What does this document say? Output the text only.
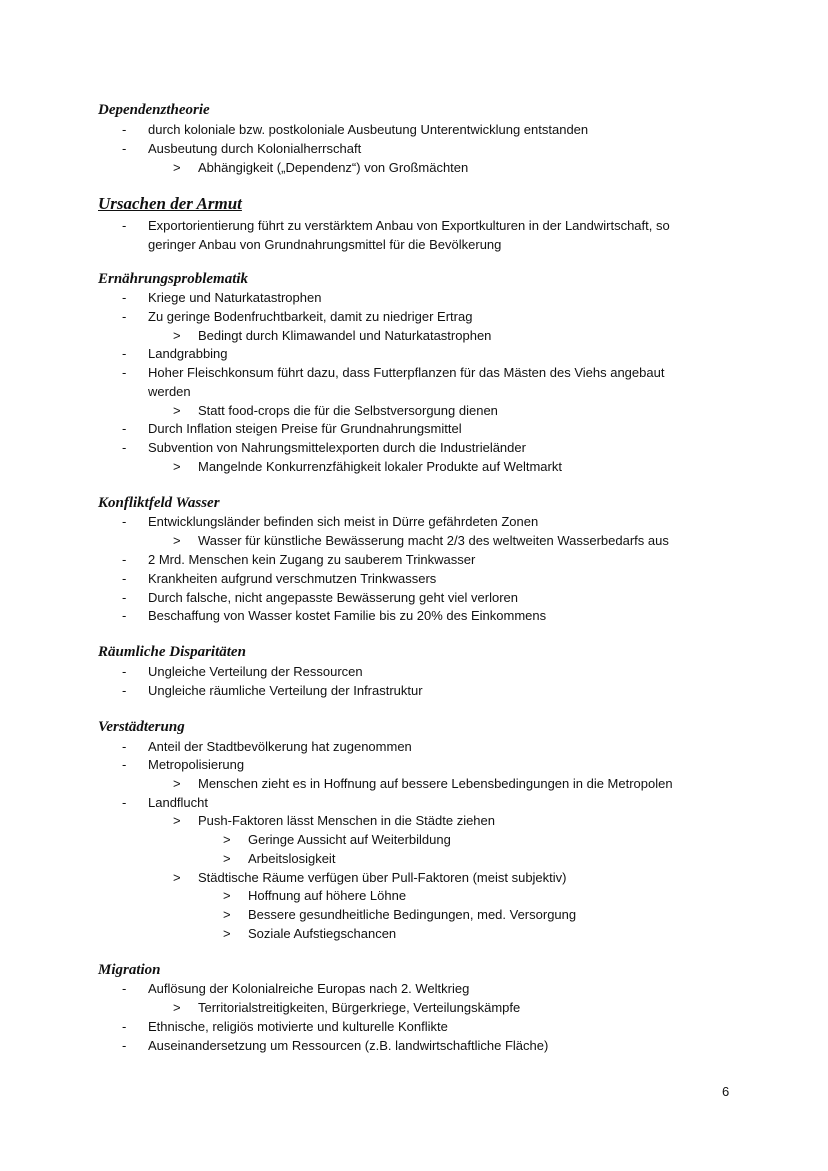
Dependenztheorie
- durch koloniale bzw. postkoloniale Ausbeutung Unterentwicklung entstanden
- Ausbeutung durch Kolonialherrschaft
> Abhängigkeit („Dependenz“) von Großmächten
Ursachen der Armut
- Exportorientierung führt zu verstärktem Anbau von Exportkulturen in der Landwirtschaft, so
geringer Anbau von Grundnahrungsmittel für die Bevölkerung
Ernährungsproblematik
- Kriege und Naturkatastrophen
- Zu geringe Bodenfruchtbarkeit, damit zu niedriger Ertrag
> Bedingt durch Klimawandel und Naturkatastrophen
- Landgrabbing
- Hoher Fleischkonsum führt dazu, dass Futterpflanzen für das Mästen des Viehs angebaut
werden
> Statt food-crops die für die Selbstversorgung dienen
- Durch Inflation steigen Preise für Grundnahrungsmittel
- Subvention von Nahrungsmittelexporten durch die Industrieländer
> Mangelnde Konkurrenzfähigkeit lokaler Produkte auf Weltmarkt
Konfliktfeld Wasser
- Entwicklungsländer befinden sich meist in Dürre gefährdeten Zonen
> Wasser für künstliche Bewässerung macht 2/3 des weltweiten Wasserbedarfs aus
- 2 Mrd. Menschen kein Zugang zu sauberem Trinkwasser
- Krankheiten aufgrund verschmutzen Trinkwassers
- Durch falsche, nicht angepasste Bewässerung geht viel verloren
- Beschaffung von Wasser kostet Familie bis zu 20% des Einkommens
Räumliche Disparitäten
- Ungleiche Verteilung der Ressourcen
- Ungleiche räumliche Verteilung der Infrastruktur
Verstädterung
- Anteil der Stadtbevölkerung hat zugenommen
- Metropolisierung
> Menschen zieht es in Hoffnung auf bessere Lebensbedingungen in die Metropolen
- Landflucht
> Push-Faktoren lässt Menschen in die Städte ziehen
> Geringe Aussicht auf Weiterbildung
> Arbeitslosigkeit
> Städtische Räume verfügen über Pull-Faktoren (meist subjektiv)
> Hoffnung auf höhere Löhne
> Bessere gesundheitliche Bedingungen, med. Versorgung
> Soziale Aufstiegschancen
Migration
- Auflösung der Kolonialreiche Europas nach 2. Weltkrieg
> Territorialstreitigkeiten, Bürgerkriege, Verteilungskämpfe
- Ethnische, religiös motivierte und kulturelle Konflikte
- Auseinandersetzung um Ressourcen (z.B. landwirtschaftliche Fläche)
6
